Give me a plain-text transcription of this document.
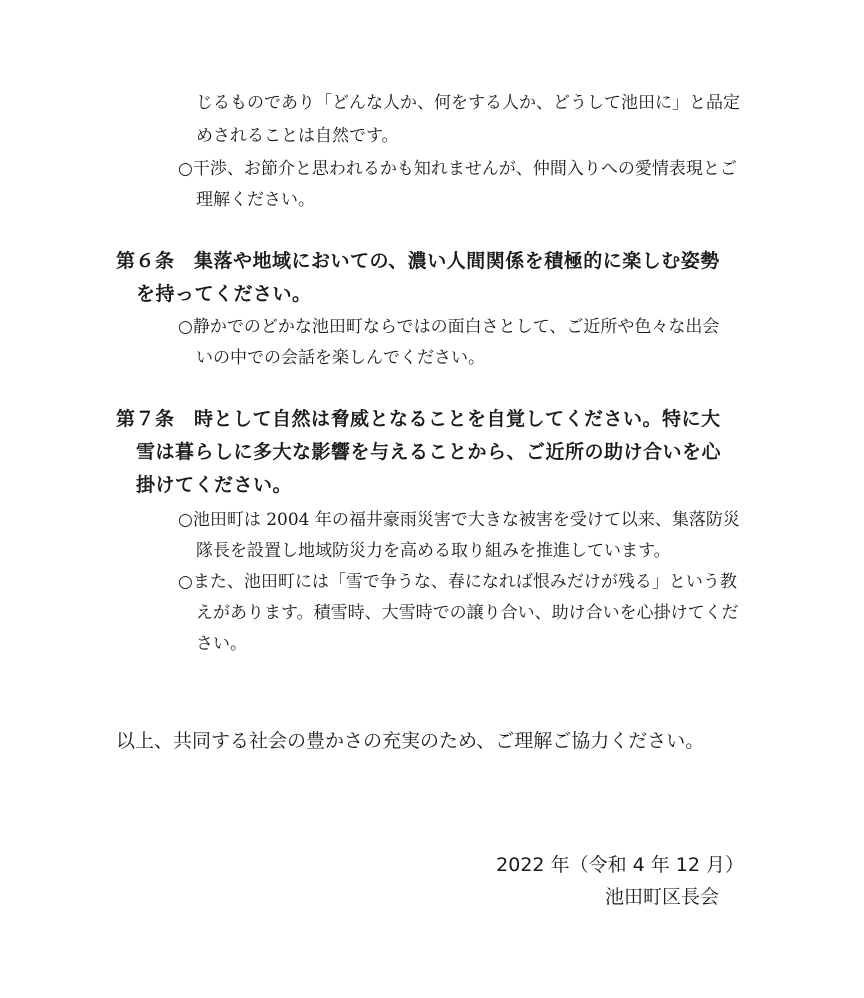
じるものであり「どんな人か、何をする人か、どうして池田に」と品定
めされることは自然です。
○干渉、お節介と思われるかも知れませんが、仲間入りへの愛情表現とご
理解ください。
第６条　集落や地域においての、濃い人間関係を積極的に楽しむ姿勢
を持ってください。
○静かでのどかな池田町ならではの面白さとして、ご近所や色々な出会
いの中での会話を楽しんでください。
第７条　時として自然は脅威となることを自覚してください。特に大
雪は暮らしに多大な影響を与えることから、ご近所の助け合いを心
掛けてください。
○池田町は 2004 年の福井豪雨災害で大きな被害を受けて以来、集落防災
隊長を設置し地域防災力を高める取り組みを推進しています。
○また、池田町には「雪で争うな、春になれば恨みだけが残る」という教
えがあります。積雪時、大雪時での譲り合い、助け合いを心掛けてくだ
さい。
以上、共同する社会の豊かさの充実のため、ご理解ご協力ください。
2022 年（令和 4 年 12 月）
池田町区長会
